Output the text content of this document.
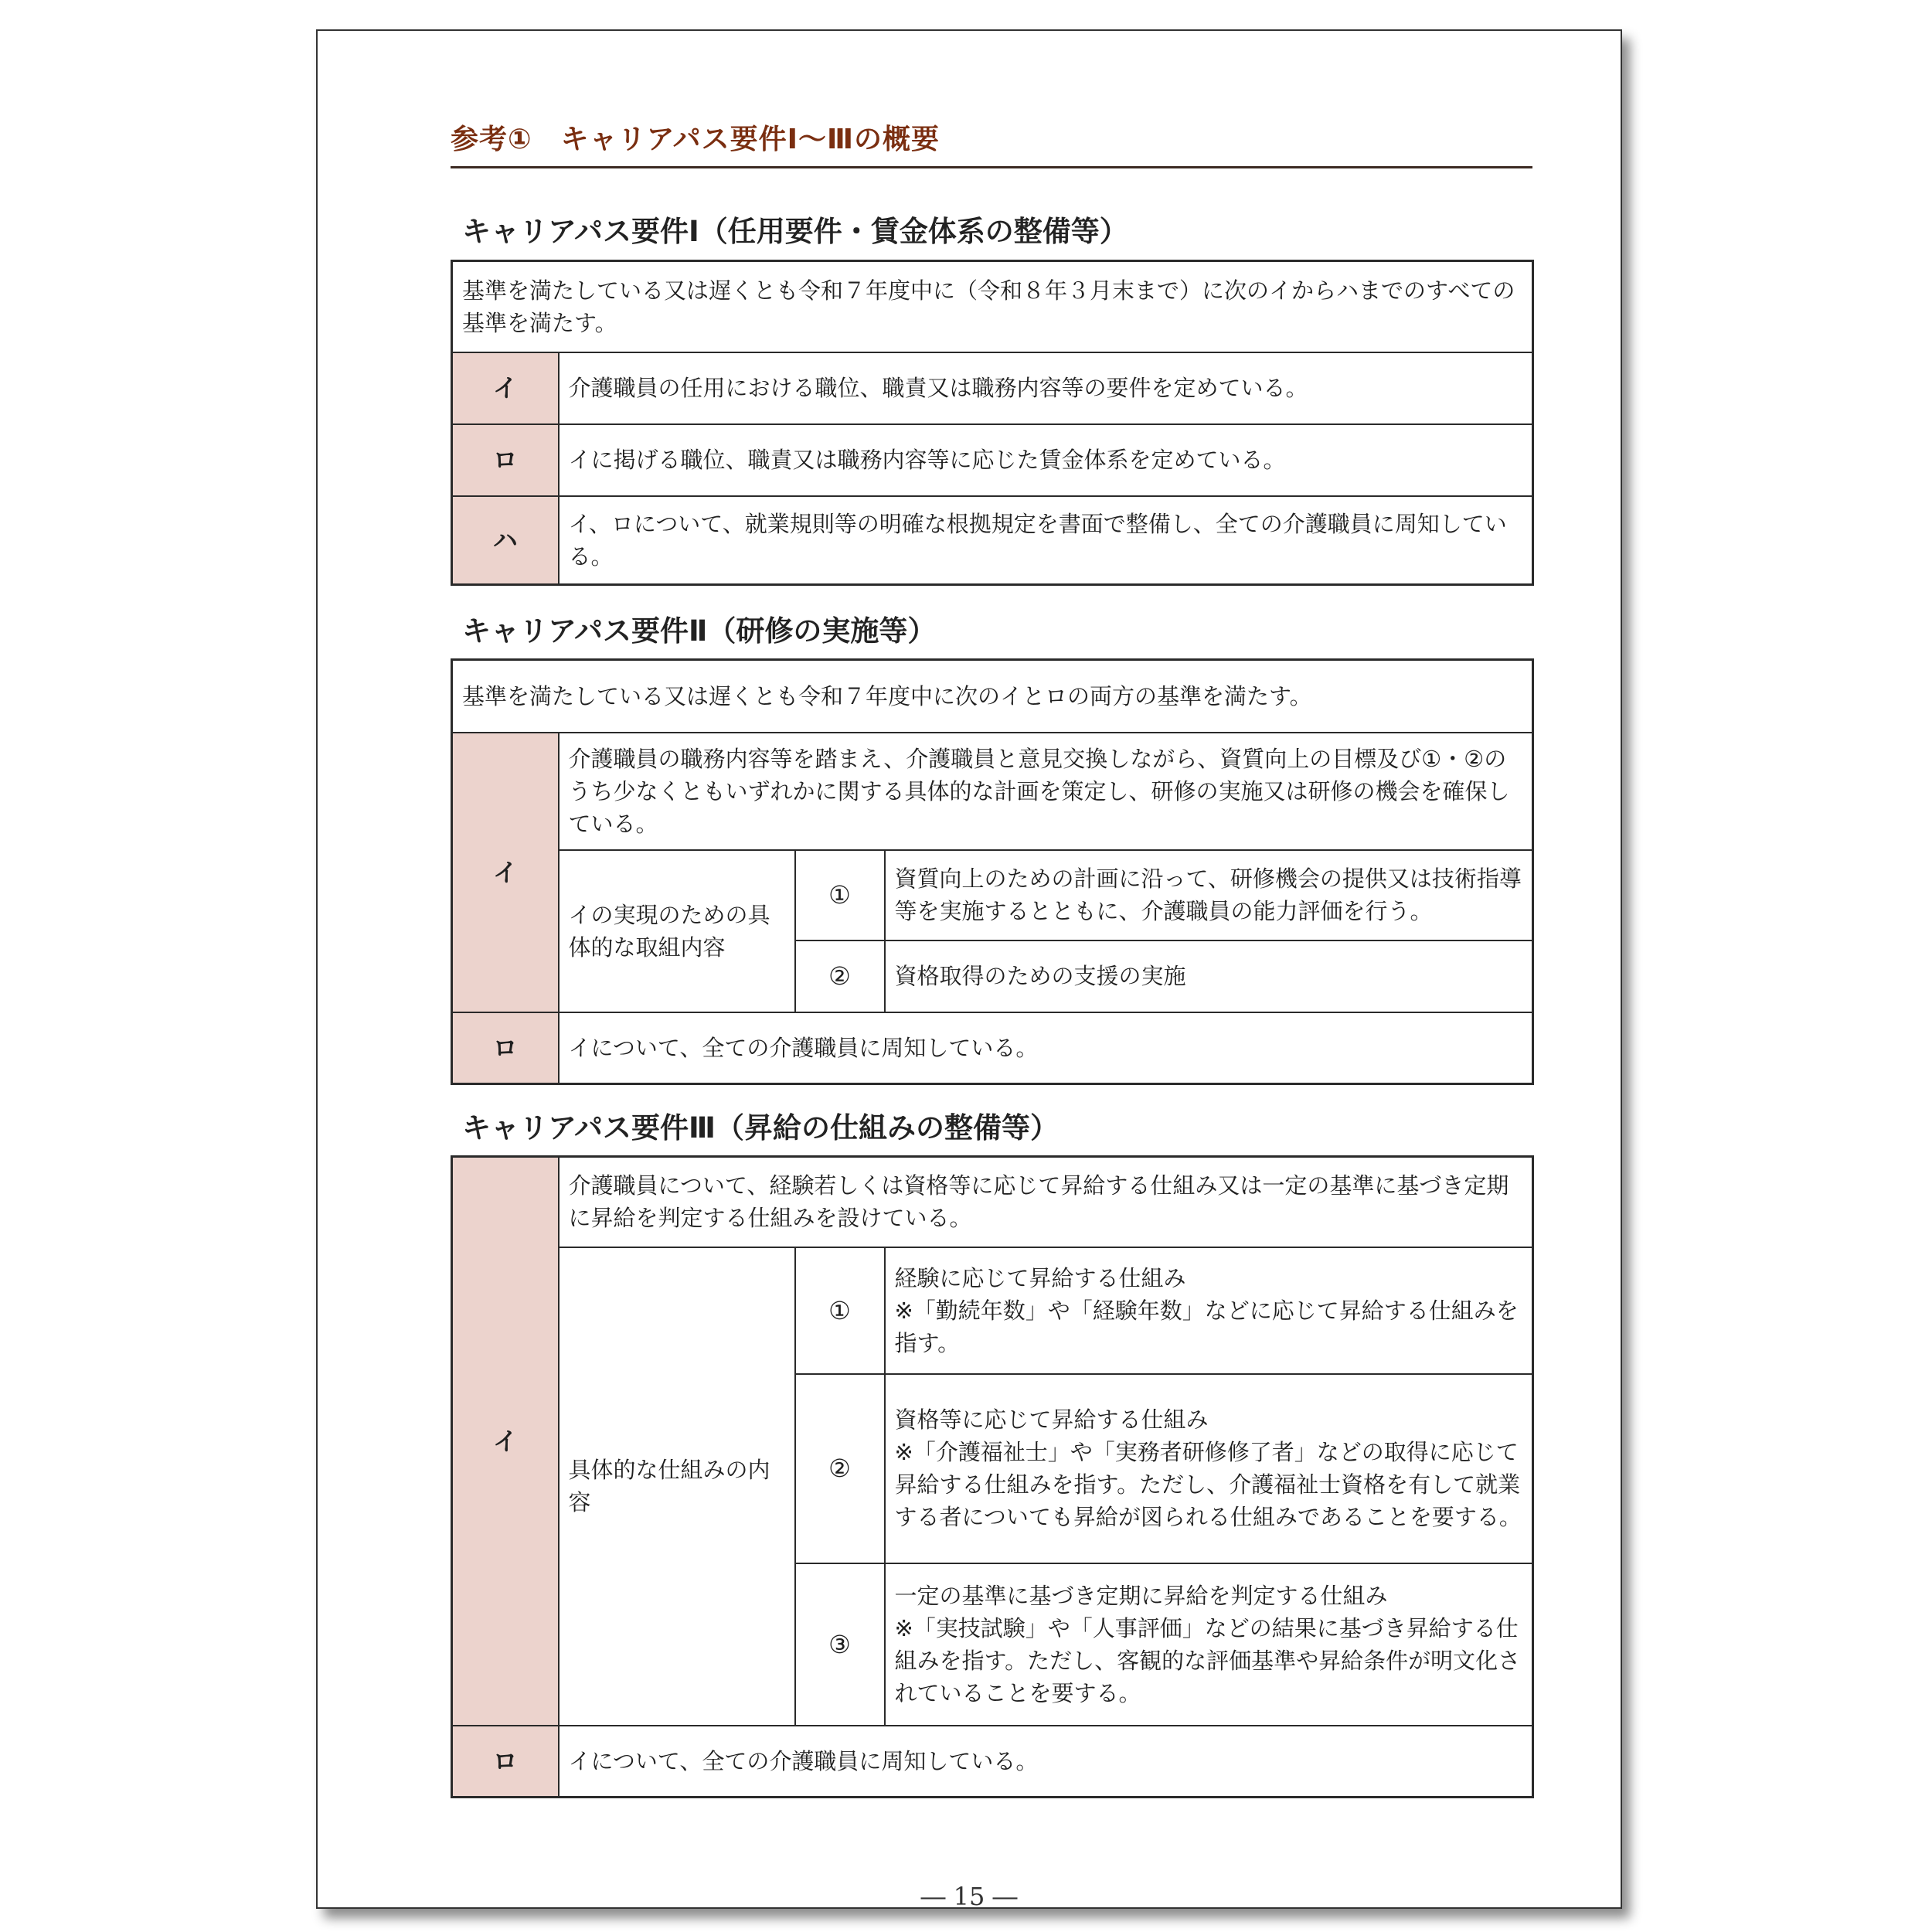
参考①　キャリアパス要件Ⅰ～Ⅲの概要
キャリアパス要件Ⅰ（任用要件・賃金体系の整備等）
基準を満たしている又は遅くとも令和７年度中に（令和８年３月末まで）に次のイからハまでのすべての基準を満たす。	
イ	介護職員の任用における職位、職責又は職務内容等の要件を定めている。
ロ	イに掲げる職位、職責又は職務内容等に応じた賃金体系を定めている。
ハ	イ、ロについて、就業規則等の明確な根拠規定を書面で整備し、全ての介護職員に周知している。
キャリアパス要件Ⅱ（研修の実施等）
基準を満たしている又は遅くとも令和７年度中に次のイとロの両方の基準を満たす。			
イ	介護職員の職務内容等を踏まえ、介護職員と意見交換しながら、資質向上の目標及び①・②のうち少なくともいずれかに関する具体的な計画を策定し、研修の実施又は研修の機会を確保している。		
	イの実現のための具体的な取組内容	①	資質向上のための計画に沿って、研修機会の提供又は技術指導等を実施するとともに、介護職員の能力評価を行う。
		②	資格取得のための支援の実施
ロ	イについて、全ての介護職員に周知している。		
キャリアパス要件Ⅲ（昇給の仕組みの整備等）
イ	介護職員について、経験若しくは資格等に応じて昇給する仕組み又は一定の基準に基づき定期に昇給を判定する仕組みを設けている。		
	具体的な仕組みの内容	①	経験に応じて昇給する仕組み
※「勤続年数」や「経験年数」などに応じて昇給する仕組みを指す。

		②	資格等に応じて昇給する仕組み
※「介護福祉士」や「実務者研修修了者」などの取得に応じて昇給する仕組みを指す。ただし、介護福祉士資格を有して就業する者についても昇給が図られる仕組みであることを要する。

		③	一定の基準に基づき定期に昇給を判定する仕組み
※「実技試験」や「人事評価」などの結果に基づき昇給する仕組みを指す。ただし、客観的な評価基準や昇給条件が明文化されていることを要する。

ロ	イについて、全ての介護職員に周知している。		
― 15 ―
